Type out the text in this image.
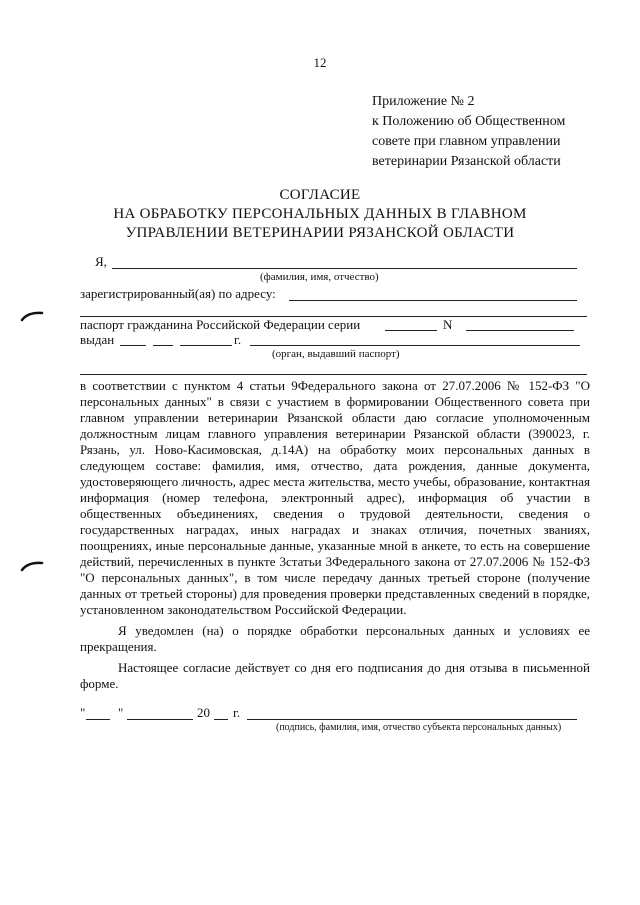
12
Приложение № 2
к Положению об Общественном
совете при главном управлении
ветеринарии Рязанской области
СОГЛАСИЕ
НА ОБРАБОТКУ ПЕРСОНАЛЬНЫХ ДАННЫХ В ГЛАВНОМ
УПРАВЛЕНИИ ВЕТЕРИНАРИИ РЯЗАНСКОЙ ОБЛАСТИ
Я,
(фамилия, имя, отчество)
зарегистрированный(ая) по адресу:
паспорт гражданина Российской Федерации серии	N
выдан	г.
(орган, выдавший паспорт)

в соответствии с пунктом 4 статьи 9Федерального закона от 27.07.2006 № 152-ФЗ "О персональных данных" в связи с участием в формировании Общественного совета при главном управлении ветеринарии Рязанской области даю согласие уполномоченным должностным лицам главного управления ветеринарии Рязанской области (390023, г. Рязань, ул. Ново-Касимовская, д.14А) на обработку моих персональных данных в следующем составе: фамилия, имя, отчество, дата рождения, данные документа, удостоверяющего личность, адрес места жительства, место учебы, образование, контактная информация (номер телефона, электронный адрес), информация об участии в общественных объединениях, сведения о трудовой деятельности, сведения о государственных наградах, иных наградах и знаках отличия, почетных званиях, поощрениях, иные персональные данные, указанные мной в анкете, то есть на совершение действий, перечисленных в пункте 3статьи 3Федерального закона от 27.07.2006 № 152-ФЗ "О персональных данных", в том числе передачу данных третьей стороне (получение данных от третьей стороны) для проведения проверки представленных сведений в порядке, установленном законодательством Российской Федерации.

Я уведомлен (на) о порядке обработки персональных данных и условиях ее прекращения.

Настоящее согласие действует со дня его подписания до дня отзыва в письменной форме.

"	"	20 г.
(подпись, фамилия, имя, отчество субъекта персональных данных)
